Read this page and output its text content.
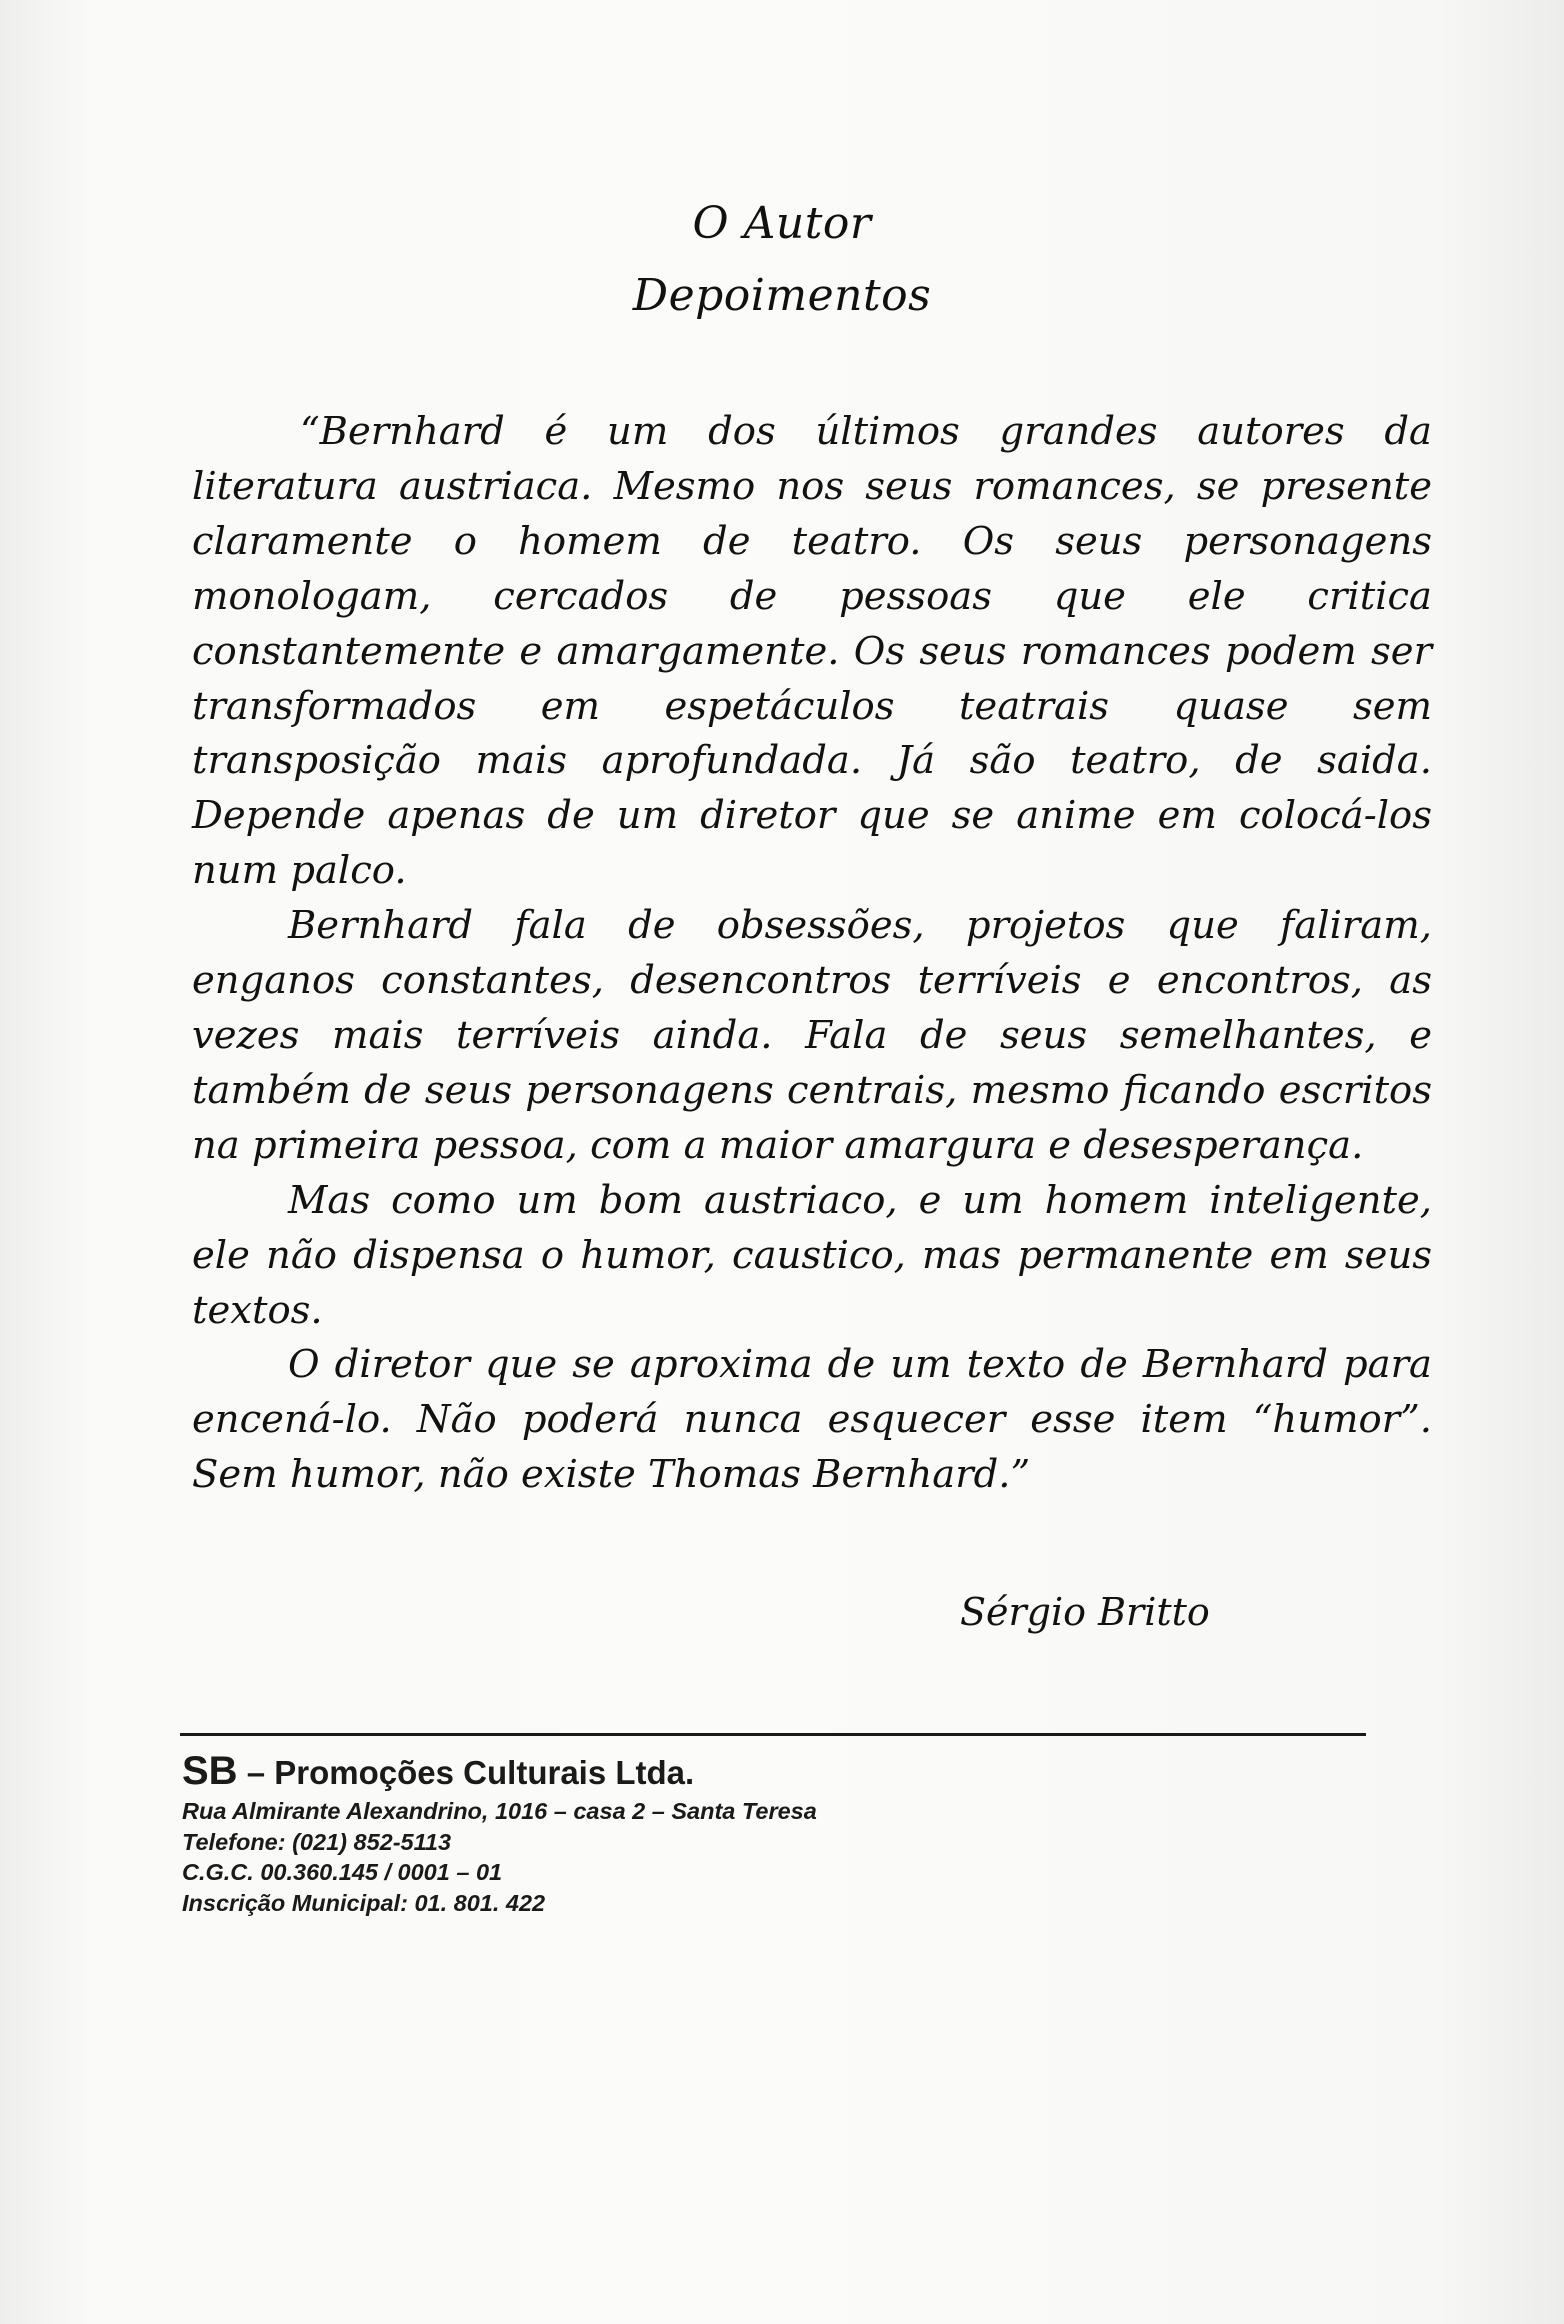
O Autor
Depoimentos

“Bernhard é um dos últimos grandes autores da literatura austriaca. Mesmo nos seus romances, se presente claramente o homem de teatro. Os seus personagens monologam, cercados de pessoas que ele critica constantemente e amargamente. Os seus romances podem ser transformados em espetáculos teatrais quase sem transposição mais aprofundada. Já são teatro, de saida. Depende apenas de um diretor que se anime em colocá-los num palco.

Bernhard fala de obsessões, projetos que faliram, enganos constantes, desencontros terríveis e encontros, as vezes mais terríveis ainda. Fala de seus semelhantes, e também de seus personagens centrais, mesmo ficando escritos na primeira pessoa, com a maior amargura e desesperança.

Mas como um bom austriaco, e um homem inteligente, ele não dispensa o humor, caustico, mas permanente em seus textos.

O diretor que se aproxima de um texto de Bernhard para encená-lo. Não poderá nunca esquecer esse item “humor”. Sem humor, não existe Thomas Bernhard.”

Sérgio Britto
SB – Promoções Culturais Ltda.
Rua Almirante Alexandrino, 1016 – casa 2 – Santa Teresa
Telefone: (021) 852-5113
C.G.C. 00.360.145 / 0001 – 01
Inscrição Municipal: 01. 801. 422
